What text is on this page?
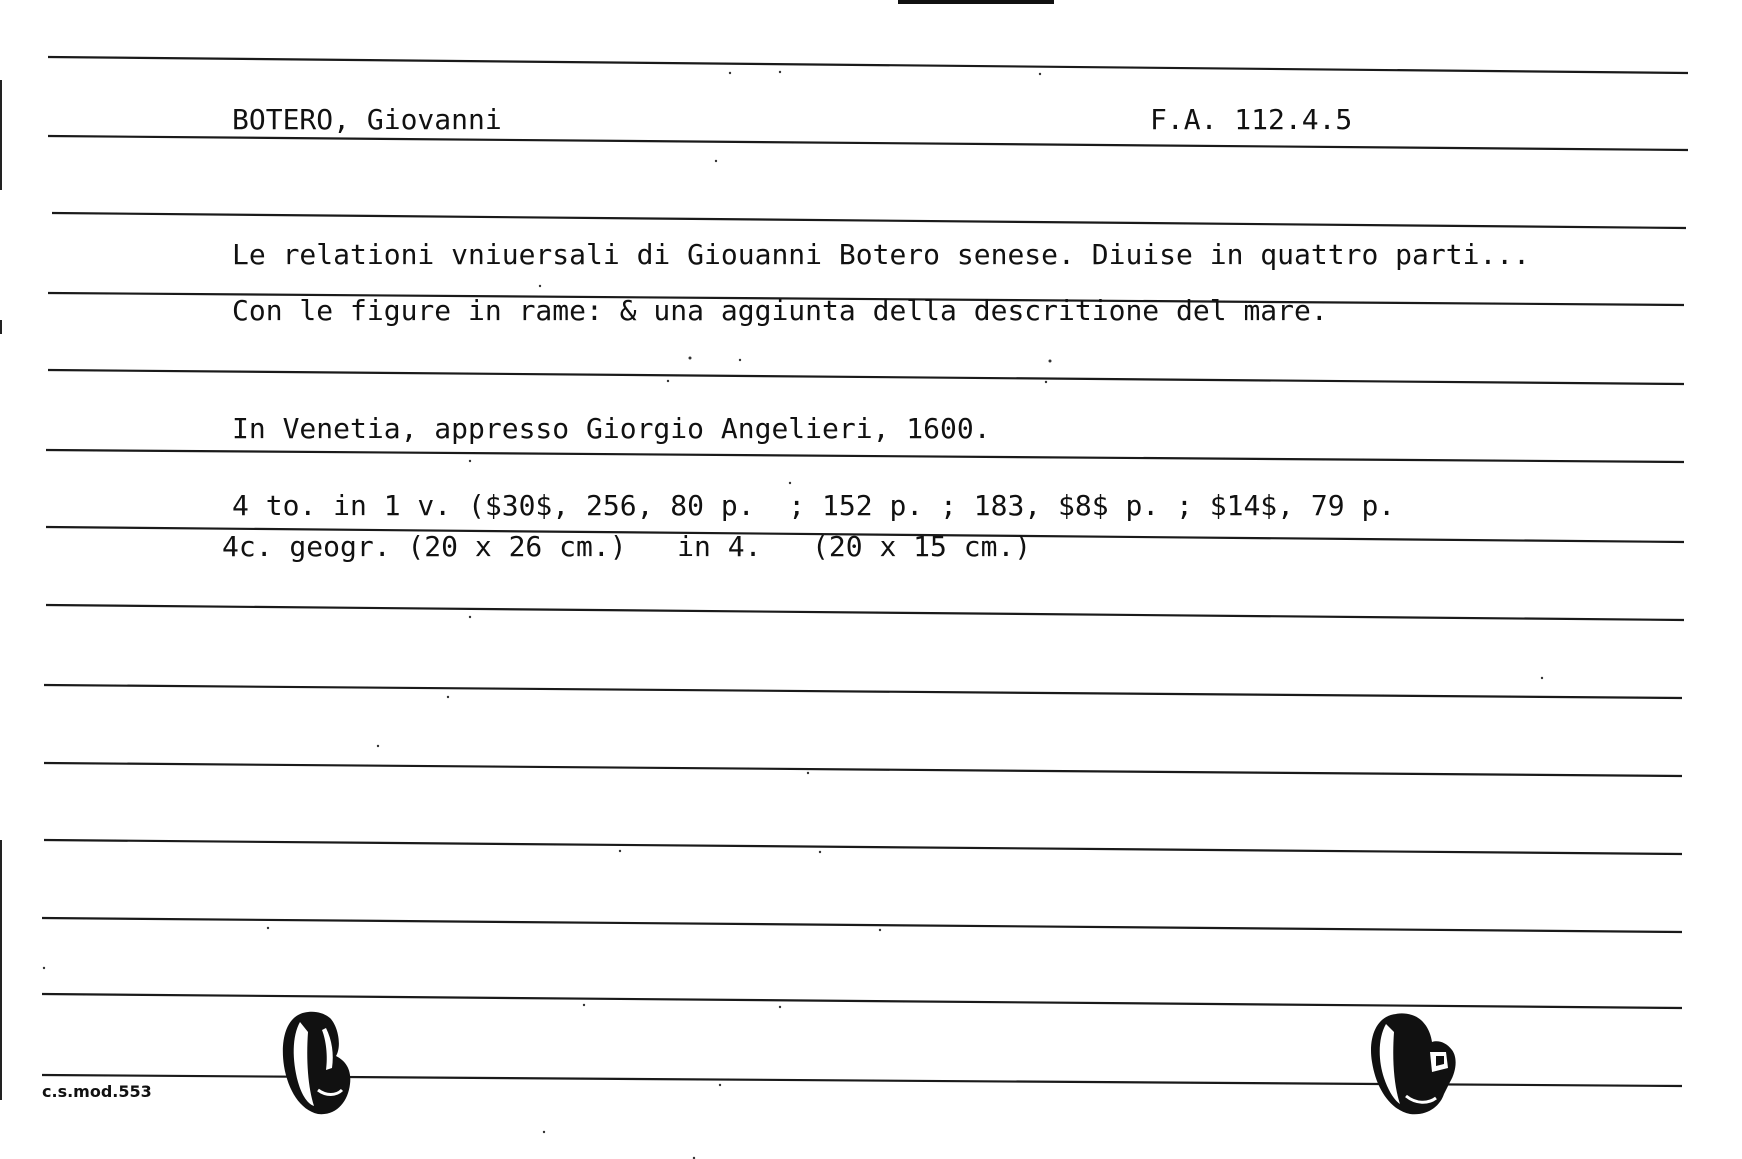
BOTERO, Giovanni	F.A. 112.4.5
Le relationi vniuersali di Giouanni Botero senese. Diuise in quattro parti...
Con le figure in rame: & una aggiunta della descritione del mare.
In Venetia, appresso Giorgio Angelieri, 1600.
4 to. in 1 v. ($30$, 256, 80 p.  ; 152 p. ; 183, $8$ p. ; $14$, 79 p.
4c. geogr. (20 x 26 cm.)   in 4.   (20 x 15 cm.)
c.s.mod.553
